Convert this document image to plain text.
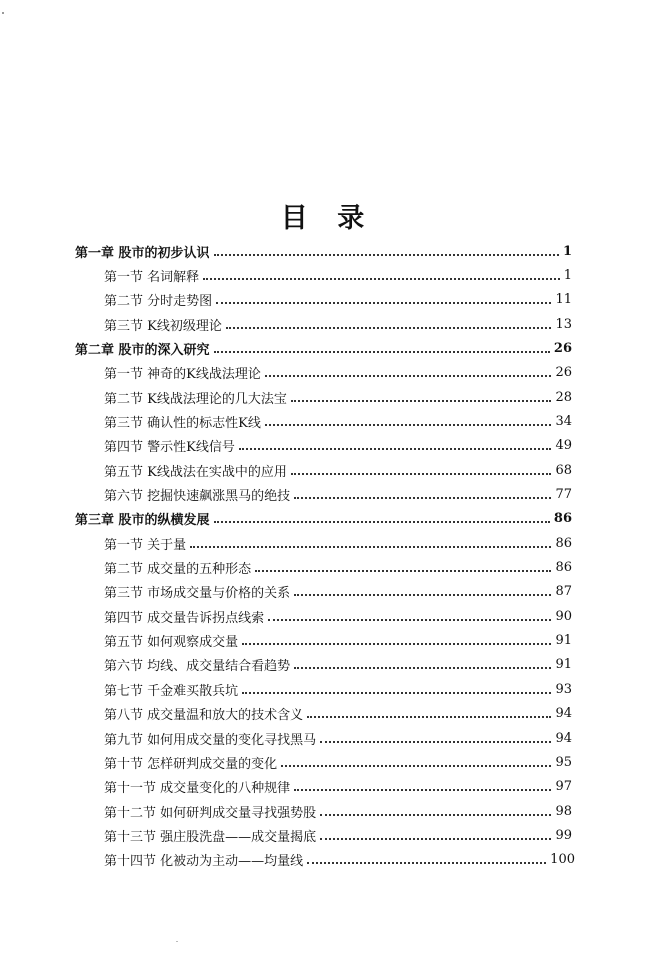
目 录
第一章 股市的初步认识	1
第一节 名词解释	1
第二节 分时走势图	11
第三节 K线初级理论	13
第二章 股市的深入研究	26
第一节 神奇的K线战法理论	26
第二节 K线战法理论的几大法宝	28
第三节 确认性的标志性K线	34
第四节 警示性K线信号	49
第五节 K线战法在实战中的应用	68
第六节 挖掘快速飙涨黑马的绝技	77
第三章 股市的纵横发展	86
第一节 关于量	86
第二节 成交量的五种形态	86
第三节 市场成交量与价格的关系	87
第四节 成交量告诉拐点线索	90
第五节 如何观察成交量	91
第六节 均线、成交量结合看趋势	91
第七节 千金难买散兵坑	93
第八节 成交量温和放大的技术含义	94
第九节 如何用成交量的变化寻找黑马	94
第十节 怎样研判成交量的变化	95
第十一节 成交量变化的八种规律	97
第十二节 如何研判成交量寻找强势股	98
第十三节 强庄股洗盘——成交量揭底	99
第十四节 化被动为主动——均量线	100
